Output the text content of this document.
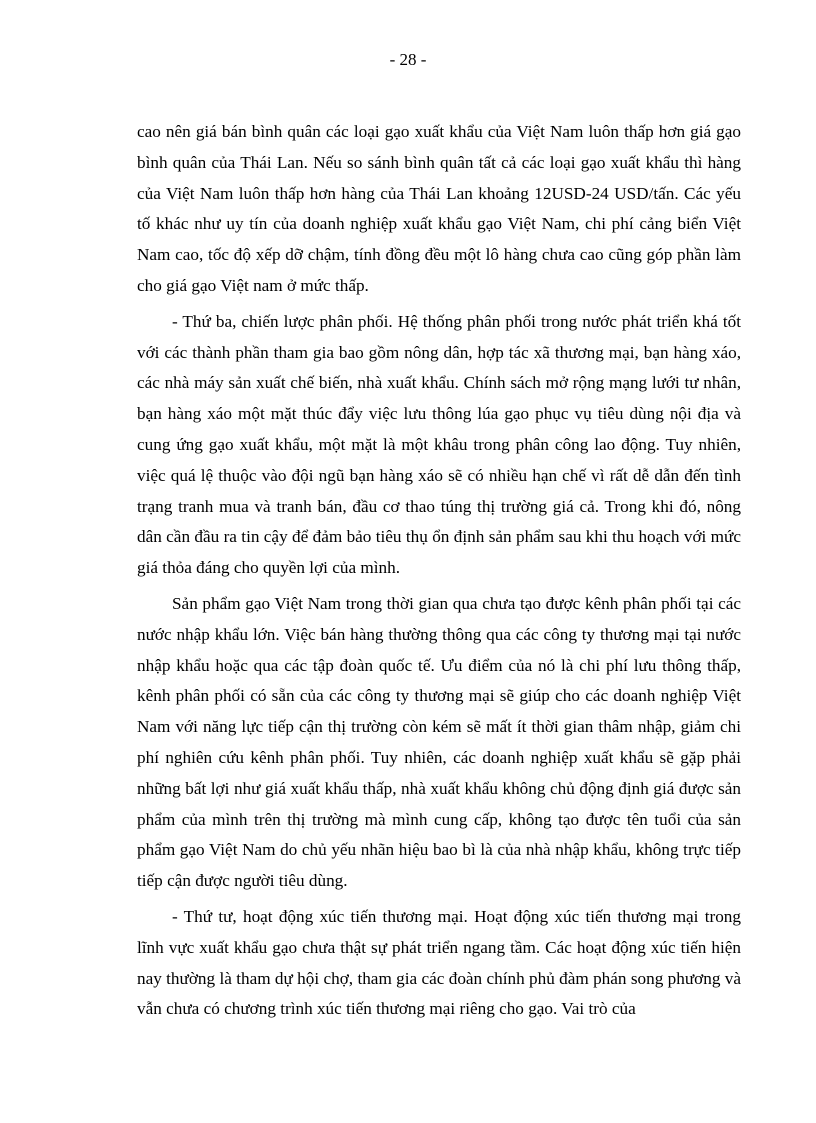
- 28 -

cao nên giá bán bình quân các loại gạo xuất khẩu của Việt Nam luôn thấp hơn giá gạo bình quân của Thái Lan. Nếu so sánh bình quân tất cả các loại gạo xuất khẩu thì hàng của Việt Nam luôn thấp hơn hàng của Thái Lan khoảng 12USD-24 USD/tấn. Các yếu tố khác như uy tín của doanh nghiệp xuất khẩu gạo Việt Nam, chi phí cảng biển Việt Nam cao, tốc độ xếp dỡ chậm, tính đồng đều một lô hàng chưa cao cũng góp phần làm cho giá gạo Việt nam ở mức thấp.

- Thứ ba, chiến lược phân phối. Hệ thống phân phối trong nước phát triển khá tốt với các thành phần tham gia bao gồm nông dân, hợp tác xã thương mại, bạn hàng xáo, các nhà máy sản xuất chế biến, nhà xuất khẩu. Chính sách mở rộng mạng lưới tư nhân, bạn hàng xáo một mặt thúc đẩy việc lưu thông lúa gạo phục vụ tiêu dùng nội địa và cung ứng gạo xuất khẩu, một mặt là một khâu trong phân công lao động. Tuy nhiên, việc quá lệ thuộc vào đội ngũ bạn hàng xáo sẽ có nhiều hạn chế vì rất dễ dẫn đến tình trạng tranh mua và tranh bán, đầu cơ thao túng thị trường giá cả. Trong khi đó, nông dân cần đầu ra tin cậy để đảm bảo tiêu thụ ổn định sản phẩm sau khi thu hoạch với mức giá thỏa đáng cho quyền lợi của mình.

Sản phẩm gạo Việt Nam trong thời gian qua chưa tạo được kênh phân phối tại các nước nhập khẩu lớn. Việc bán hàng thường thông qua các công ty thương mại tại nước nhập khẩu hoặc qua các tập đoàn quốc tế. Ưu điểm của nó là chi phí lưu thông thấp, kênh phân phối có sẵn của các công ty thương mại sẽ giúp cho các doanh nghiệp Việt Nam với năng lực tiếp cận thị trường còn kém sẽ mất ít thời gian thâm nhập, giảm chi phí nghiên cứu kênh phân phối. Tuy nhiên, các doanh nghiệp xuất khẩu sẽ gặp phải những bất lợi như giá xuất khẩu thấp, nhà xuất khẩu không chủ động định giá được sản phẩm của mình trên thị trường mà mình cung cấp, không tạo được tên tuổi của sản phẩm gạo Việt Nam do chủ yếu nhãn hiệu bao bì là của nhà nhập khẩu, không trực tiếp tiếp cận được người tiêu dùng.

- Thứ tư, hoạt động xúc tiến thương mại. Hoạt động xúc tiến thương mại trong lĩnh vực xuất khẩu gạo chưa thật sự phát triển ngang tầm. Các hoạt động xúc tiến hiện nay thường là tham dự hội chợ, tham gia các đoàn chính phủ đàm phán song phương và vẫn chưa có chương trình xúc tiến thương mại riêng cho gạo. Vai trò của
